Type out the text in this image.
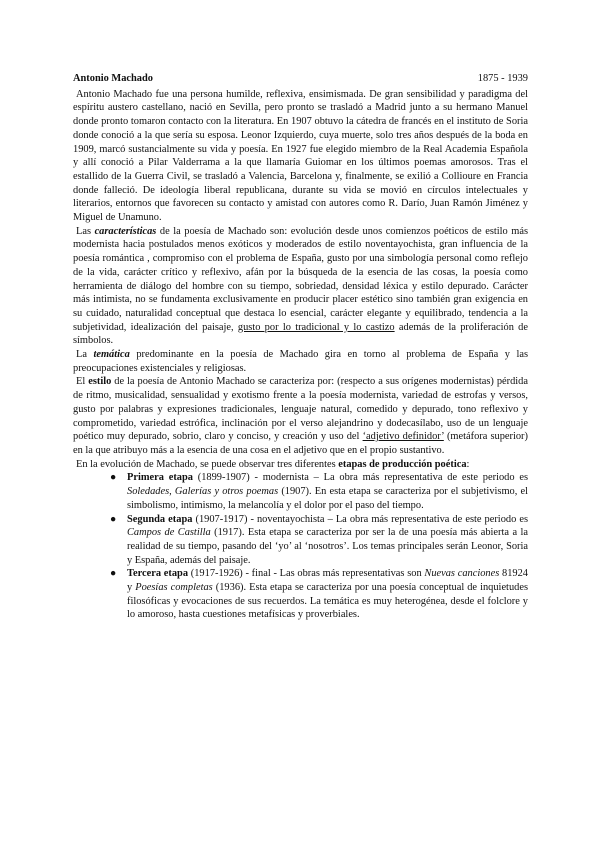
Antonio Machado	1875 - 1939

Antonio Machado fue una persona humilde, reflexiva, ensimismada. De gran sensibilidad y paradigma del espíritu austero castellano, nació en Sevilla, pero pronto se trasladó a Madrid junto a su hermano Manuel donde pronto tomaron contacto con la literatura. En 1907 obtuvo la cátedra de francés en el instituto de Soria donde conoció a la que sería su esposa. Leonor Izquierdo, cuya muerte, solo tres años después de la boda en 1909, marcó sustancialmente su vida y poesía. En 1927 fue elegido miembro de la Real Academia Española y allí conoció a Pilar Valderrama a la que llamaría Guiomar en los últimos poemas amorosos. Tras el estallido de la Guerra Civil, se trasladó a Valencia, Barcelona y, finalmente, se exilió a Collioure en Francia donde falleció. De ideología liberal republicana, durante su vida se movió en círculos intelectuales y literarios, entornos que favorecen su contacto y amistad con autores como R. Darío, Juan Ramón Jiménez y Miguel de Unamuno.

Las características de la poesía de Machado son: evolución desde unos comienzos poéticos de estilo más modernista hacia postulados menos exóticos y moderados de estilo noventayochista, gran influencia de la poesía romántica , compromiso con el problema de España, gusto por una simbología personal como reflejo de la vida, carácter crítico y reflexivo, afán por la búsqueda de la esencia de las cosas, la poesía como herramienta de diálogo del hombre con su tiempo, sobriedad, densidad léxica y estilo depurado. Carácter más intimista, no se fundamenta exclusivamente en producir placer estético sino también gran exigencia en su cuidado, naturalidad conceptual que destaca lo esencial, carácter elegante y equilibrado, tendencia a la subjetividad, idealización del paisaje, gusto por lo tradicional y lo castizo además de la proliferación de símbolos.

La temática predominante en la poesía de Machado gira en torno al problema de España y las preocupaciones existenciales y religiosas.

El estilo de la poesía de Antonio Machado se caracteriza por: (respecto a sus orígenes modernistas) pérdida de ritmo, musicalidad, sensualidad y exotismo frente a la poesía modernista, variedad de estrofas y versos, gusto por palabras y expresiones tradicionales, lenguaje natural, comedido y depurado, tono reflexivo y comprometido, variedad estrófica, inclinación por el verso alejandrino y dodecasílabo, uso de un lenguaje poético muy depurado, sobrio, claro y conciso, y creación y uso del ‘adjetivo definidor’ (metáfora superior) en la que atribuyo más a la esencia de una cosa en el adjetivo que en el propio sustantivo.

En la evolución de Machado, se puede observar tres diferentes etapas de producción poética:

● Primera etapa (1899-1907) - modernista – La obra más representativa de este periodo es Soledades, Galerías y otros poemas (1907). En esta etapa se caracteriza por el subjetivismo, el simbolismo, intimismo, la melancolía y el dolor por el paso del tiempo.
● Segunda etapa (1907-1917) - noventayochista – La obra más representativa de este periodo es Campos de Castilla (1917). Esta etapa se caracteriza por ser la de una poesía más abierta a la realidad de su tiempo, pasando del ‘yo’ al ‘nosotros’. Los temas principales serán Leonor, Soria y España, además del paisaje.
● Tercera etapa (1917-1926) - final - Las obras más representativas son Nuevas canciones 81924 y Poesías completas (1936). Esta etapa se caracteriza por una poesía conceptual de inquietudes filosóficas y evocaciones de sus recuerdos. La temática es muy heterogénea, desde el folclore y lo amoroso, hasta cuestiones metafísicas y proverbiales.
